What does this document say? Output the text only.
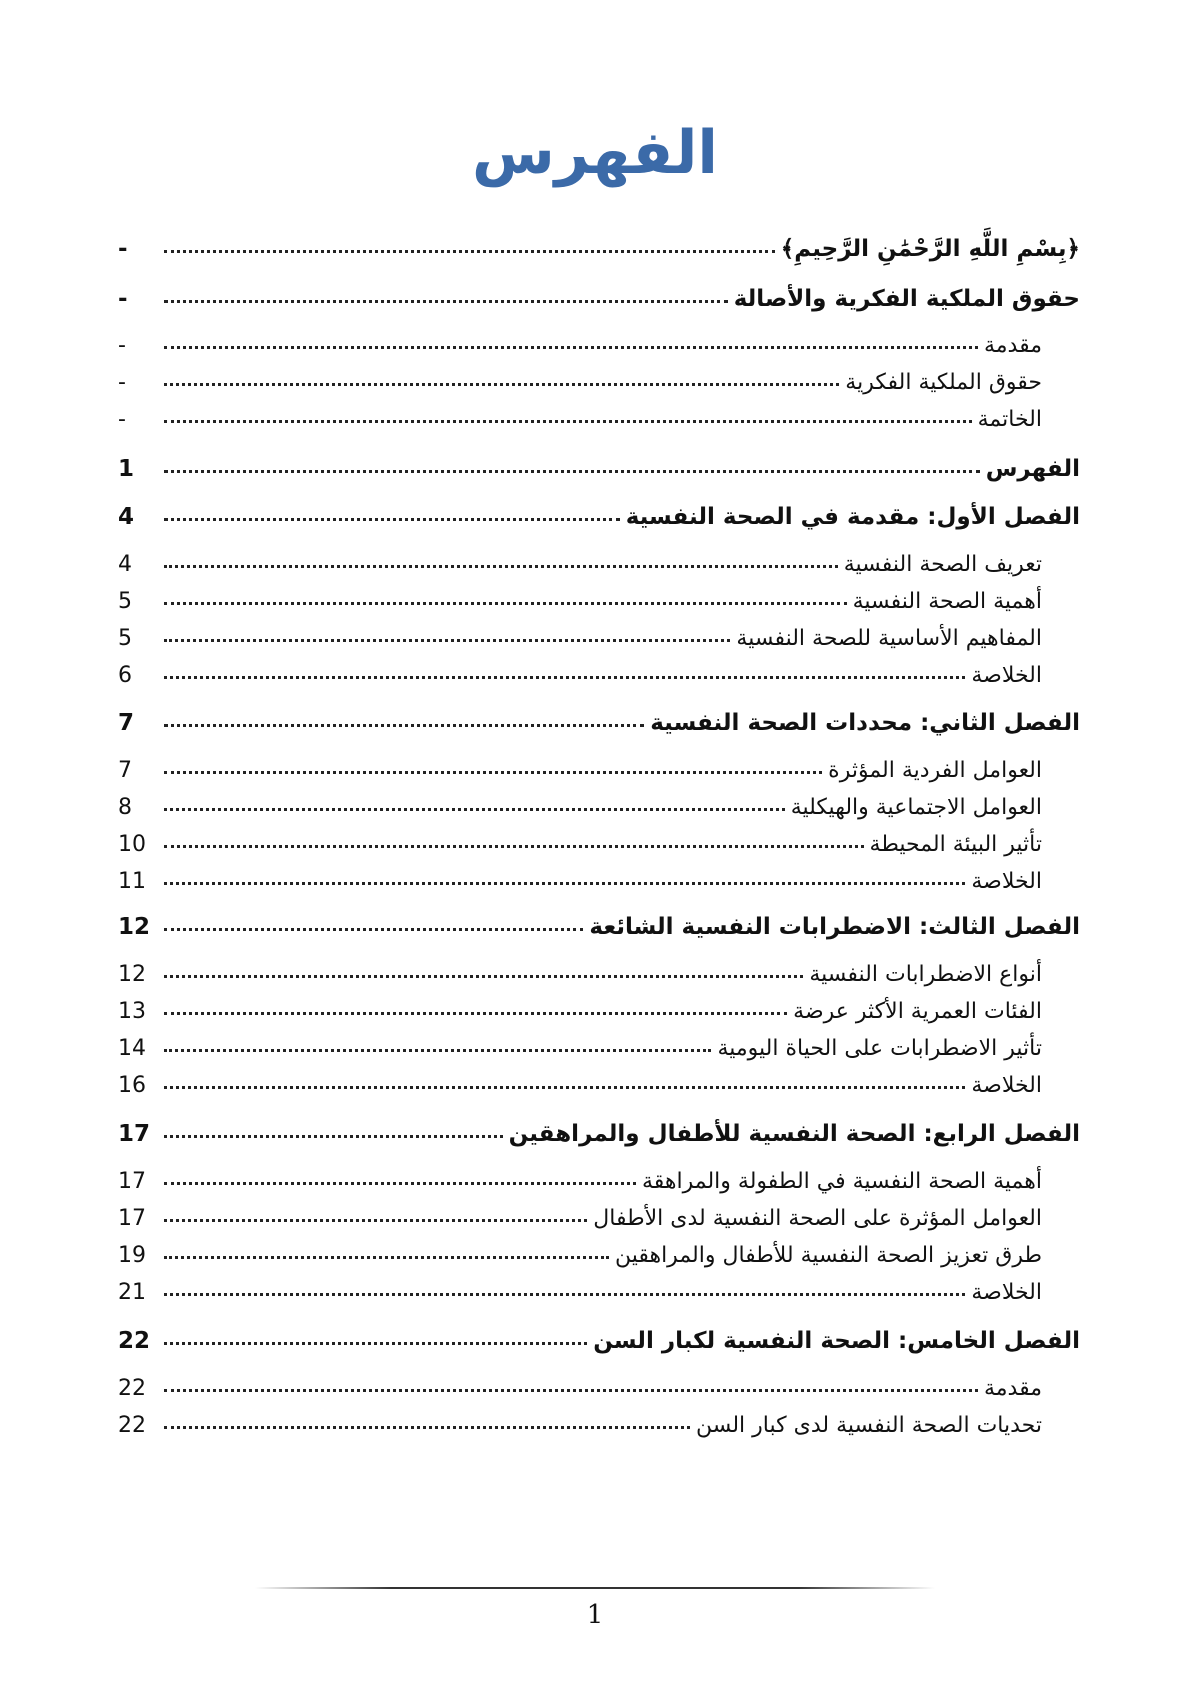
الفهرس
﴿بِسْمِ اللَّهِ الرَّحْمَٰنِ الرَّحِيمِ﴾
-
حقوق الملكية الفكرية والأصالة
-
مقدمة
-
حقوق الملكية الفكرية
-
الخاتمة
-
الفهرس
1
الفصل الأول: مقدمة في الصحة النفسية
4
تعريف الصحة النفسية
4
أهمية الصحة النفسية
5
المفاهيم الأساسية للصحة النفسية
5
الخلاصة
6
الفصل الثاني: محددات الصحة النفسية
7
العوامل الفردية المؤثرة
7
العوامل الاجتماعية والهيكلية
8
تأثير البيئة المحيطة
10
الخلاصة
11
الفصل الثالث: الاضطرابات النفسية الشائعة
12
أنواع الاضطرابات النفسية
12
الفئات العمرية الأكثر عرضة
13
تأثير الاضطرابات على الحياة اليومية
14
الخلاصة
16
الفصل الرابع: الصحة النفسية للأطفال والمراهقين
17
أهمية الصحة النفسية في الطفولة والمراهقة
17
العوامل المؤثرة على الصحة النفسية لدى الأطفال
17
طرق تعزيز الصحة النفسية للأطفال والمراهقين
19
الخلاصة
21
الفصل الخامس: الصحة النفسية لكبار السن
22
مقدمة
22
تحديات الصحة النفسية لدى كبار السن
22
1
